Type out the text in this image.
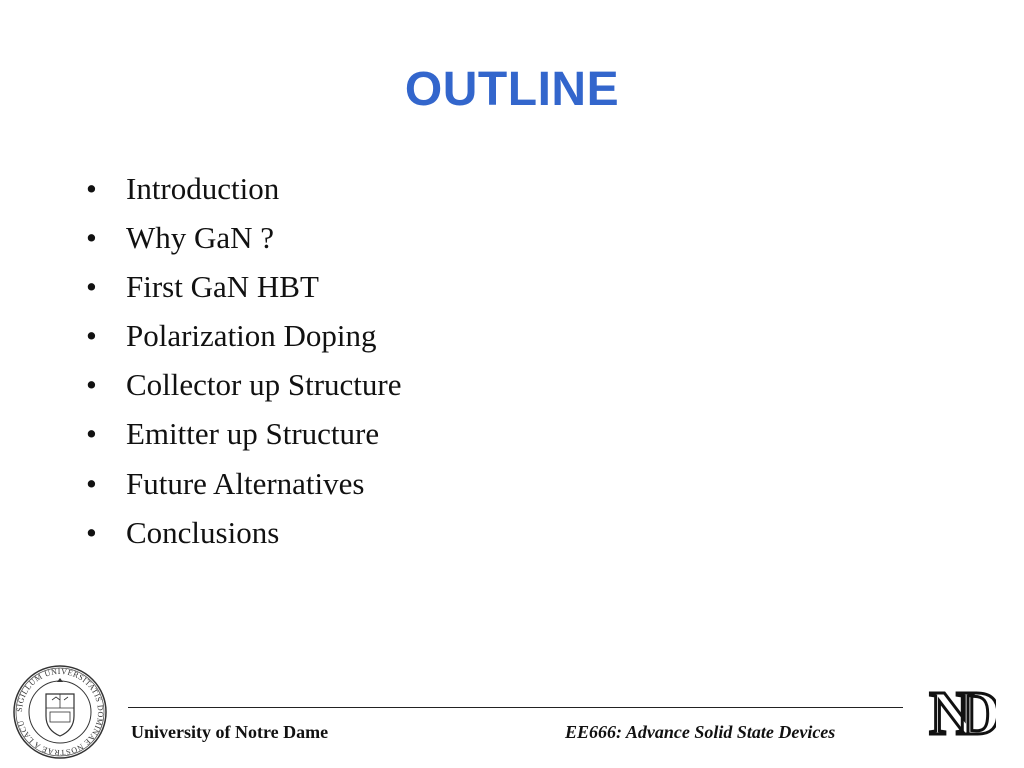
OUTLINE
• Introduction
• Why GaN ?
• First GaN HBT
• Polarization Doping
• Collector up Structure
• Emitter up Structure
• Future Alternatives
• Conclusions
SIGILLUM UNIVERSITATIS DOMINAE NOSTRAE A LACU	University of Notre Dame	EE666: Advance Solid State Devices ND
